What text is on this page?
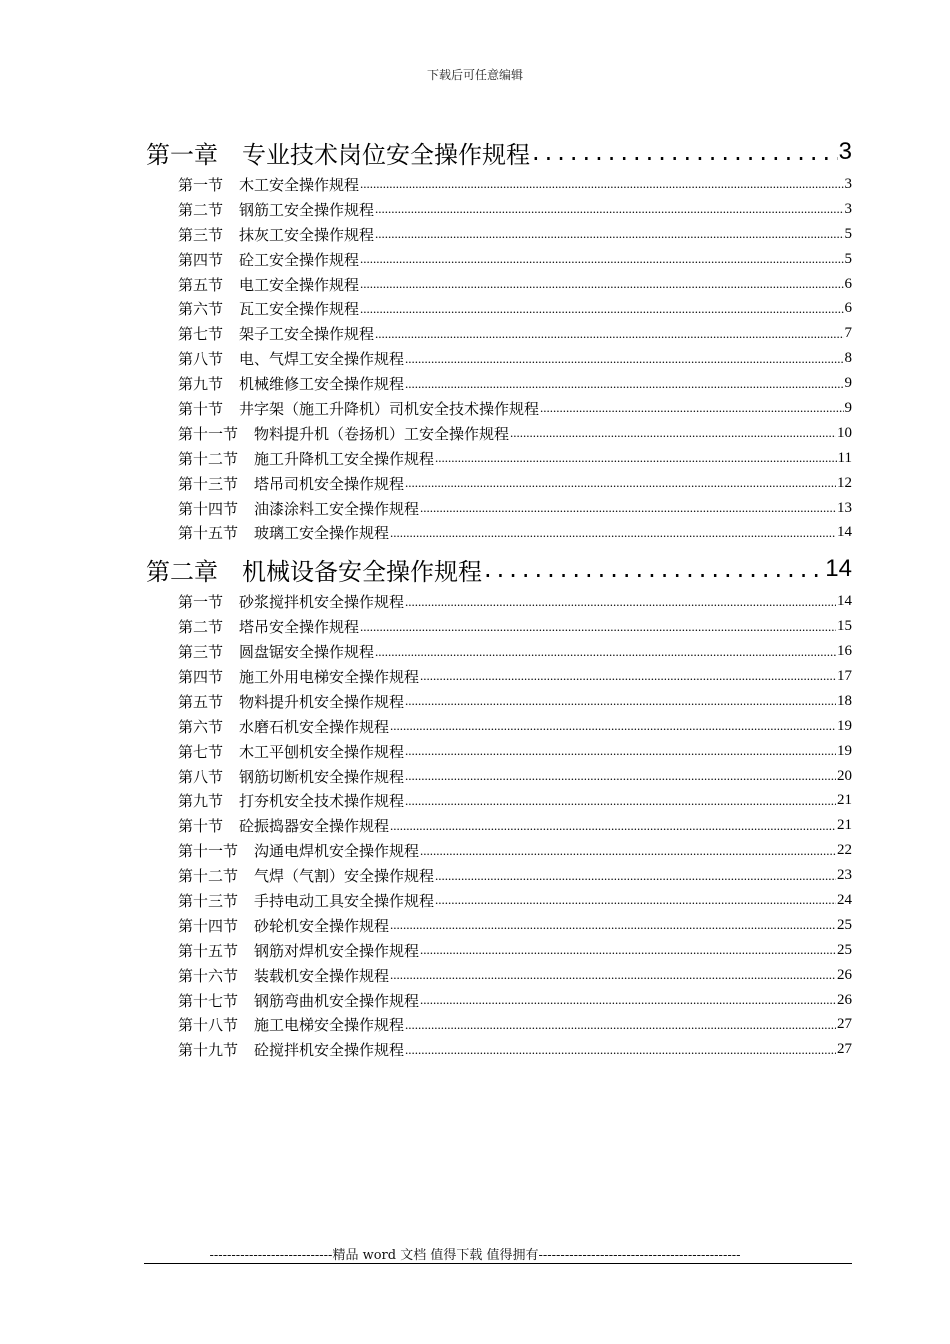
下载后可任意编辑
第一章 专业技术岗位安全操作规程 .....	3
第一节 木工安全操作规程 .....	3
第二节 钢筋工安全操作规程 .....	3
第三节 抹灰工安全操作规程 .....	5
第四节 砼工安全操作规程 .....	5
第五节 电工安全操作规程 .....	6
第六节 瓦工安全操作规程 .....	6
第七节 架子工安全操作规程 .....	7
第八节 电、气焊工安全操作规程 .....	8
第九节 机械维修工安全操作规程 .....	9
第十节 井字架（施工升降机）司机安全技术操作规程 .....	9
第十一节 物料提升机（卷扬机）工安全操作规程 .....	10
第十二节 施工升降机工安全操作规程 .....	11
第十三节 塔吊司机安全操作规程 .....	12
第十四节 油漆涂料工安全操作规程 .....	13
第十五节 玻璃工安全操作规程 .....	14
第二章 机械设备安全操作规程 .....	14
第一节 砂浆搅拌机安全操作规程 .....	14
第二节 塔吊安全操作规程 .....	15
第三节 圆盘锯安全操作规程 .....	16
第四节 施工外用电梯安全操作规程 .....	17
第五节 物料提升机安全操作规程 .....	18
第六节 水磨石机安全操作规程 .....	19
第七节 木工平刨机安全操作规程 .....	19
第八节 钢筋切断机安全操作规程 .....	20
第九节 打夯机安全技术操作规程 .....	21
第十节 砼振捣器安全操作规程 .....	21
第十一节 沟通电焊机安全操作规程 .....	22
第十二节 气焊（气割）安全操作规程 .....	23
第十三节 手持电动工具安全操作规程 .....	24
第十四节 砂轮机安全操作规程 .....	25
第十五节 钢筋对焊机安全操作规程 .....	25
第十六节 装载机安全操作规程 .....	26
第十七节 钢筋弯曲机安全操作规程 .....	26
第十八节 施工电梯安全操作规程 .....	27
第十九节 砼搅拌机安全操作规程 .....	27
----------------------------精品 word 文档 值得下载 值得拥有----------------------------------------------
